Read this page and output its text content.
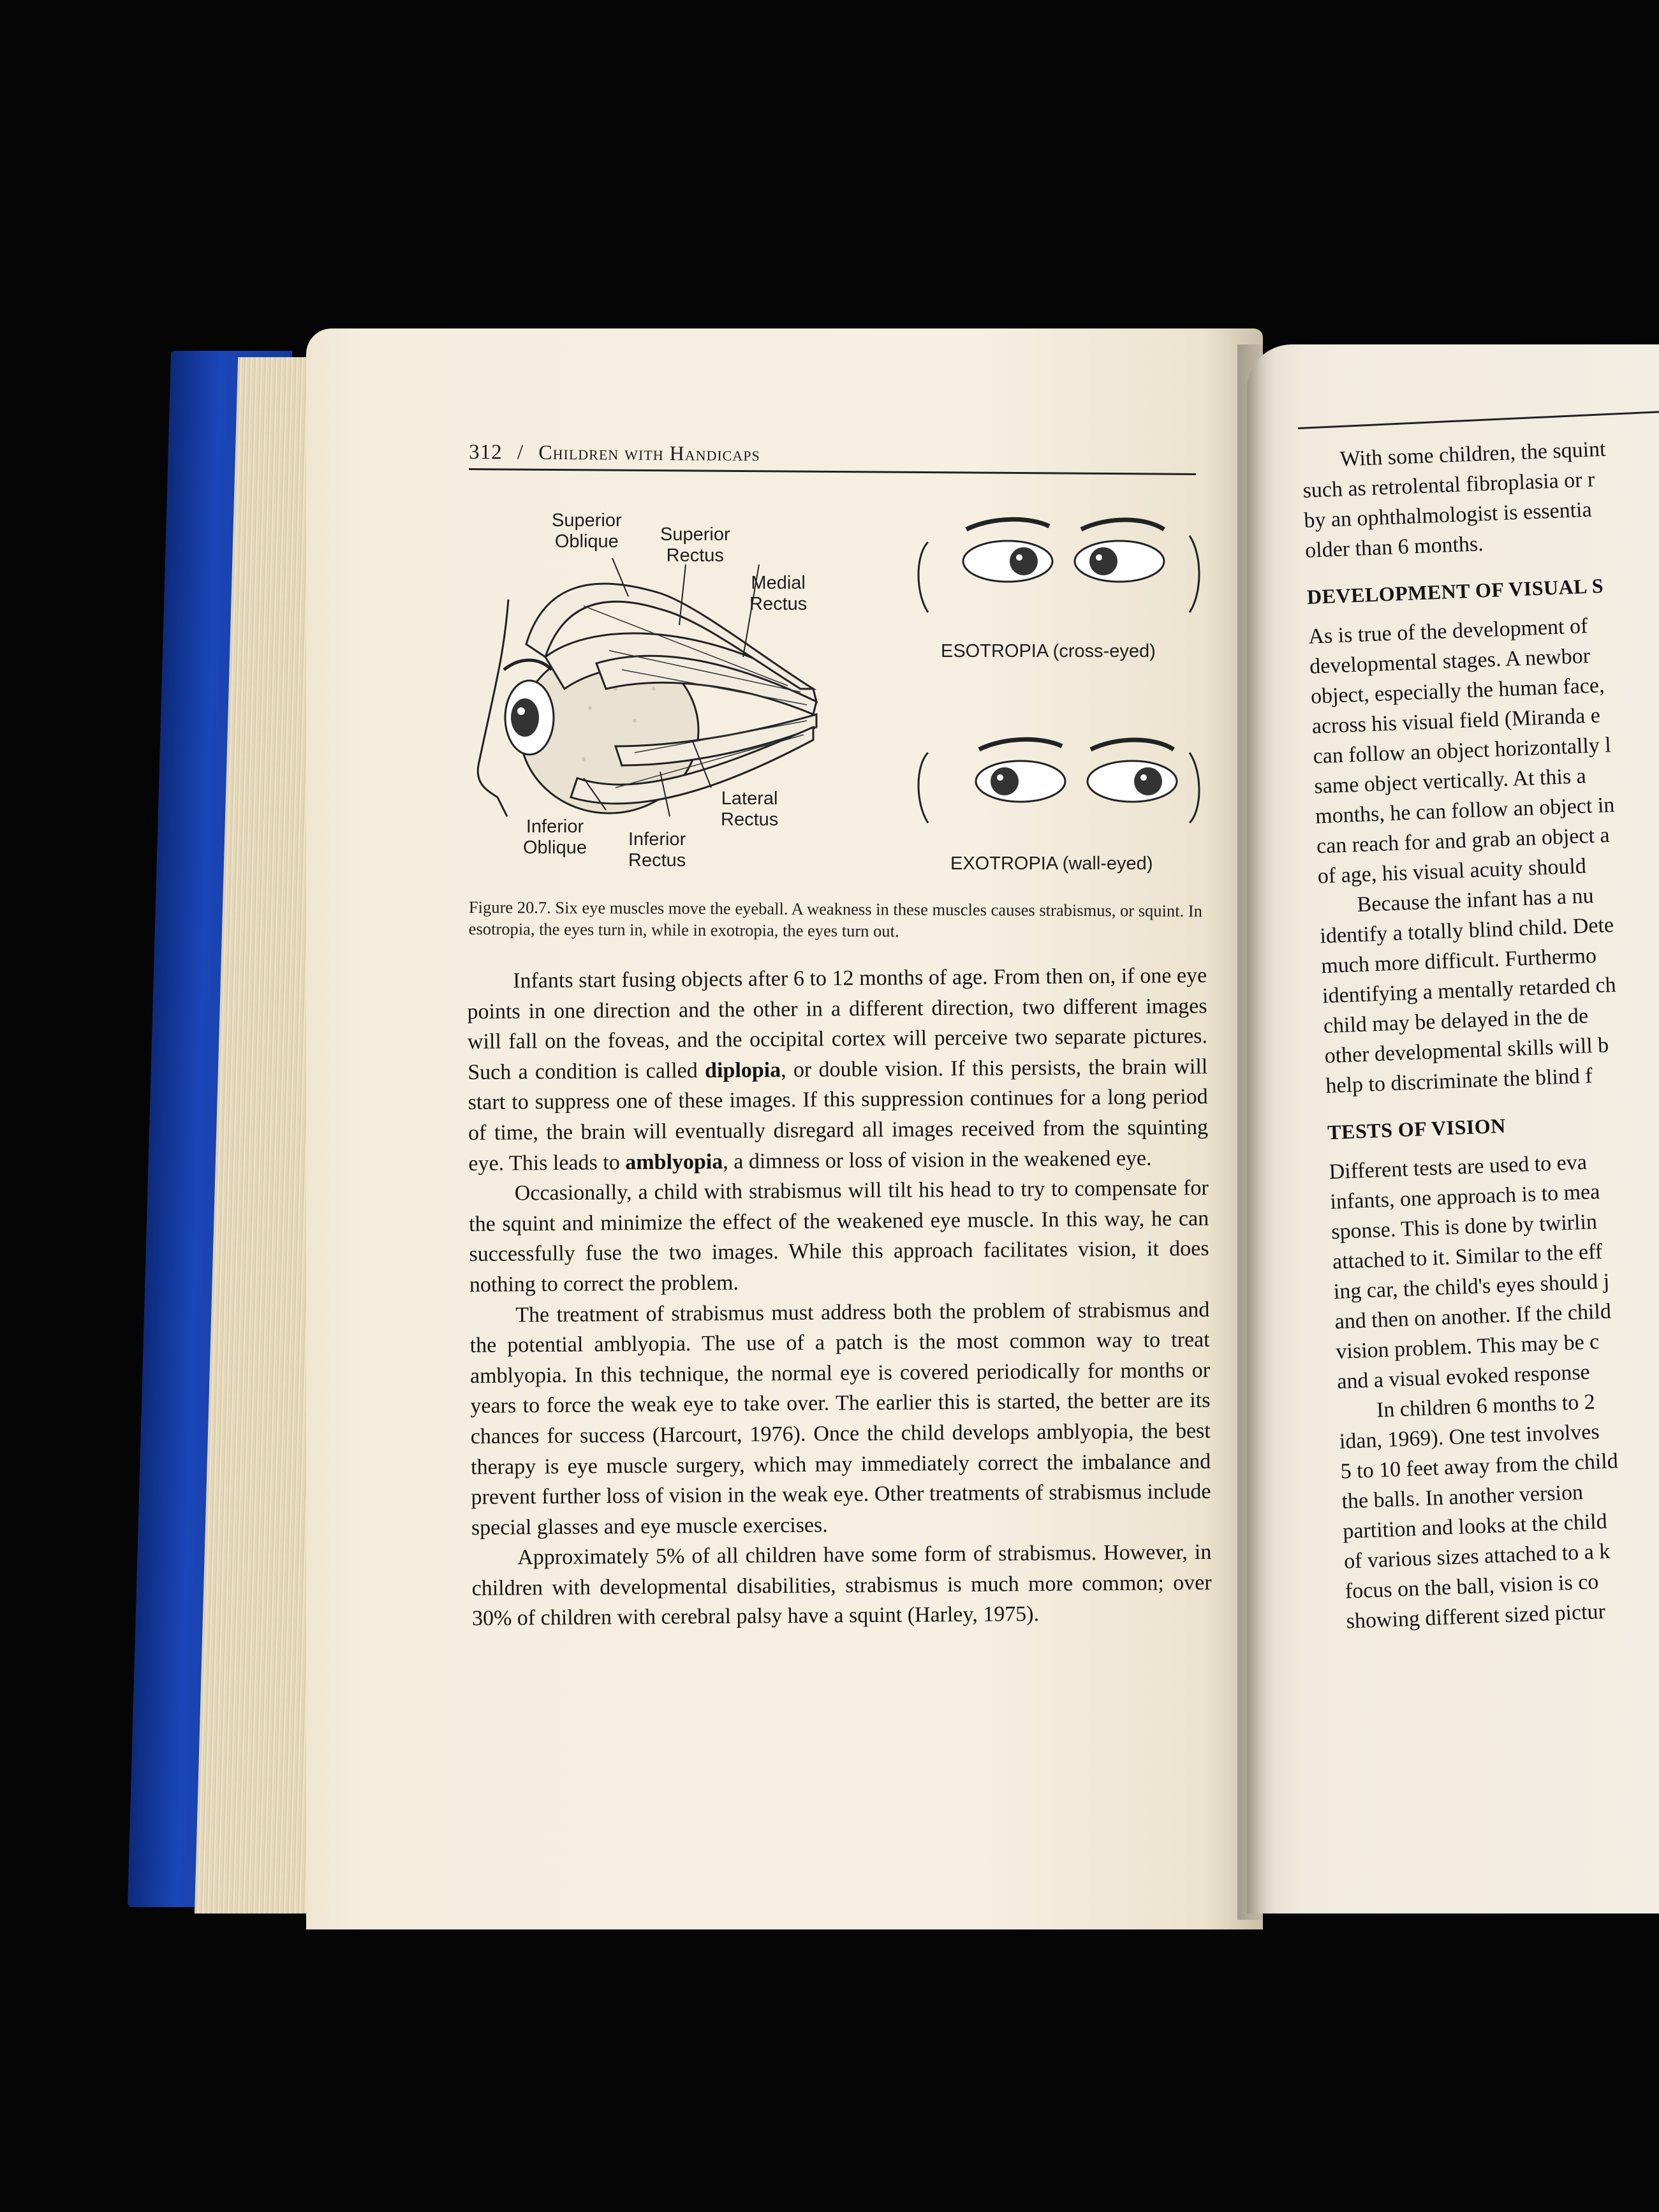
312 / Children with Handicaps
Superior
Oblique Superior
Rectus
Medial
Rectus
Lateral
Rectus
Inferior
Oblique Inferior
Rectus
ESOTROPIA (cross-eyed)
EXOTROPIA (wall-eyed)
Figure 20.7. Six eye muscles move the eyeball. A weakness in these muscles causes strabismus, or squint. In esotropia, the eyes turn in, while in exotropia, the eyes turn out.

Infants start fusing objects after 6 to 12 months of age. From then on, if one eye points in one direction and the other in a different direction, two different images will fall on the foveas, and the occipital cortex will perceive two separate pictures. Such a condition is called diplopia, or double vision. If this persists, the brain will start to suppress one of these images. If this suppression continues for a long period of time, the brain will eventually disregard all images received from the squinting eye. This leads to amblyopia, a dimness or loss of vision in the weakened eye.

Occasionally, a child with strabismus will tilt his head to try to compensate for the squint and minimize the effect of the weakened eye muscle. In this way, he can successfully fuse the two images. While this approach facilitates vision, it does nothing to correct the problem.

The treatment of strabismus must address both the problem of strabismus and the potential amblyopia. The use of a patch is the most common way to treat amblyopia. In this technique, the normal eye is covered periodically for months or years to force the weak eye to take over. The earlier this is started, the better are its chances for success (Harcourt, 1976). Once the child develops amblyopia, the best therapy is eye muscle surgery, which may immediately correct the imbalance and prevent further loss of vision in the weak eye. Other treatments of strabismus include special glasses and eye muscle exercises.

Approximately 5% of all children have some form of strabismus. However, in children with developmental disabilities, strabismus is much more common; over 30% of children with cerebral palsy have a squint (Harley, 1975).

With some children, the squint
such as retrolental fibroplasia or r
by an ophthalmologist is essentia
older than 6 months.
DEVELOPMENT OF VISUAL S
As is true of the development of
developmental stages. A newbor
object, especially the human face,
across his visual field (Miranda e
can follow an object horizontally l
same object vertically. At this a
months, he can follow an object in
can reach for and grab an object a
of age, his visual acuity should
Because the infant has a nu
identify a totally blind child. Dete
much more difficult. Furthermo
identifying a mentally retarded ch
child may be delayed in the de
other developmental skills will b
help to discriminate the blind f
TESTS OF VISION
Different tests are used to eva
infants, one approach is to mea
sponse. This is done by twirlin
attached to it. Similar to the eff
ing car, the child's eyes should j
and then on another. If the child
vision problem. This may be c
and a visual evoked response
In children 6 months to 2
idan, 1969). One test involves
5 to 10 feet away from the child
the balls. In another version
partition and looks at the child
of various sizes attached to a k
focus on the ball, vision is co
showing different sized pictur
